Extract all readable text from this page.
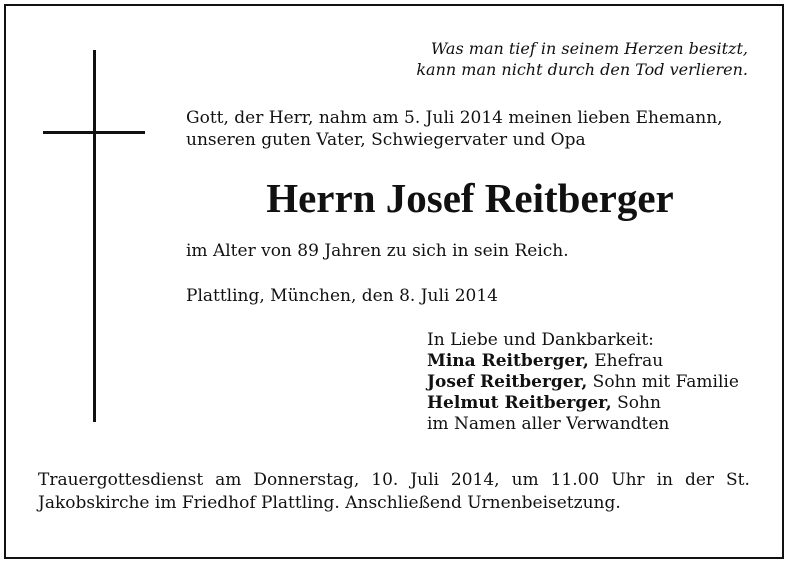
Was man tief in seinem Herzen besitzt,
kann man nicht durch den Tod verlieren.
Gott, der Herr, nahm am 5. Juli 2014 meinen lieben Ehemann,
unseren guten Vater, Schwiegervater und Opa
Herrn Josef Reitberger
im Alter von 89 Jahren zu sich in sein Reich.
Plattling, München, den 8. Juli 2014
In Liebe und Dankbarkeit:
Mina Reitberger, Ehefrau
Josef Reitberger, Sohn mit Familie
Helmut Reitberger, Sohn
im Namen aller Verwandten
Trauergottesdienst am Donnerstag, 10. Juli 2014, um 11.00 Uhr in der St.
Jakobskirche im Friedhof Plattling. Anschließend Urnenbeisetzung.
